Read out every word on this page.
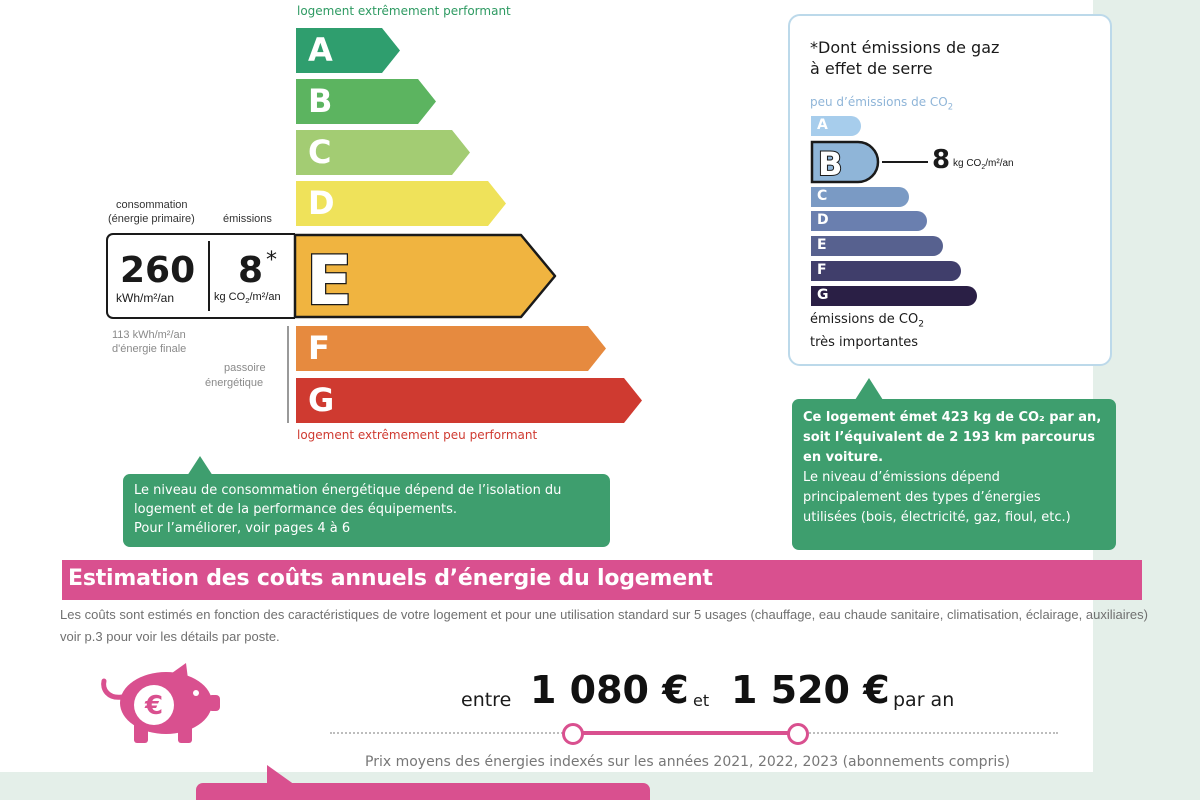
logement extrêmement performant
A
B
C
D
E
F
G
logement extrêmement peu performant
consommation
(énergie primaire)	émissions
260
kWh/m²/an
8 *
kg $CO_2/m^2/an$
113 kWh/m²/an
d'énergie finale
passoire
énergétique
Le niveau de consommation énergétique dépend de l’isolation du
logement et de la performance des équipements.
Pour l’améliorer, voir pages 4 à 6
*Dont émissions de gaz
à effet de serre
peu d’émissions de $CO_2$
A
B	8 kg $CO_2/m^2/an$
C
D
E
F
G
émissions de $CO_2$
très importantes
Ce logement émet 423 kg de CO₂ par an,
soit l’équivalent de 2 193 km parcourus
en voiture.
Le niveau d’émissions dépend
principalement des types d’énergies
utilisées (bois, électricité, gaz, fioul, etc.)
Estimation des coûts annuels d’énergie du logement
Les coûts sont estimés en fonction des caractéristiques de votre logement et pour une utilisation standard sur 5 usages (chauffage, eau chaude sanitaire, climatisation, éclairage, auxiliaires) voir p.3 pour voir les détails par poste.
€	entre 1 080 € et 1 520 € par an
Prix moyens des énergies indexés sur les années 2021, 2022, 2023 (abonnements compris)
